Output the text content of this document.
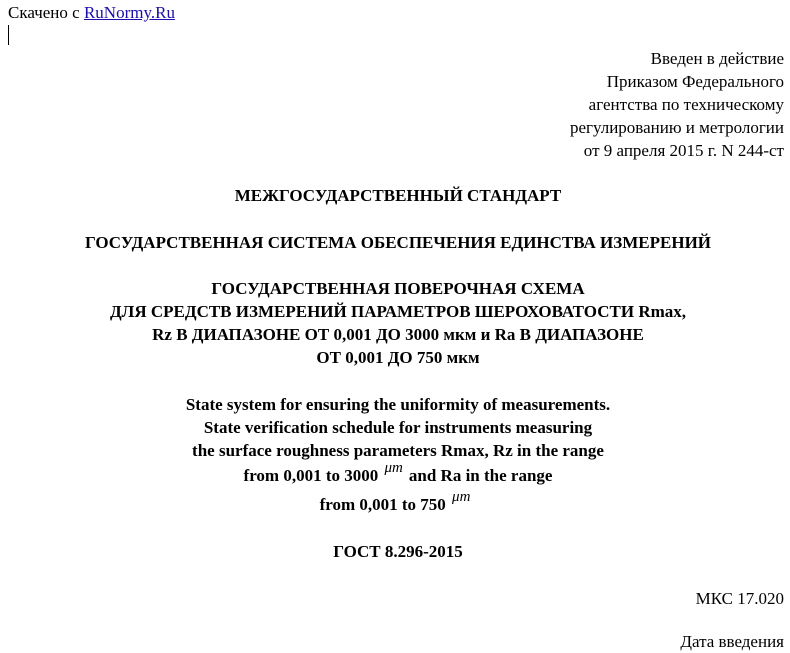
Скачено с RuNormy.Ru
Введен в действие
Приказом Федерального
агентства по техническому
регулированию и метрологии
от 9 апреля 2015 г. N 244-ст
МЕЖГОСУДАРСТВЕННЫЙ СТАНДАРТ
ГОСУДАРСТВЕННАЯ СИСТЕМА ОБЕСПЕЧЕНИЯ ЕДИНСТВА ИЗМЕРЕНИЙ
ГОСУДАРСТВЕННАЯ ПОВЕРОЧНАЯ СХЕМА
ДЛЯ СРЕДСТВ ИЗМЕРЕНИЙ ПАРАМЕТРОВ ШЕРОХОВАТОСТИ Rmax,
Rz В ДИАПАЗОНЕ ОТ 0,001 ДО 3000 мкм и Ra В ДИАПАЗОНЕ
ОТ 0,001 ДО 750 мкм
State system for ensuring the uniformity of measurements.
State verification schedule for instruments measuring
the surface roughness parameters Rmax, Rz in the range
from 0,001 to 3000 μm and Ra in the range
from 0,001 to 750 μm
ГОСТ 8.296-2015
МКС 17.020
Дата введения
